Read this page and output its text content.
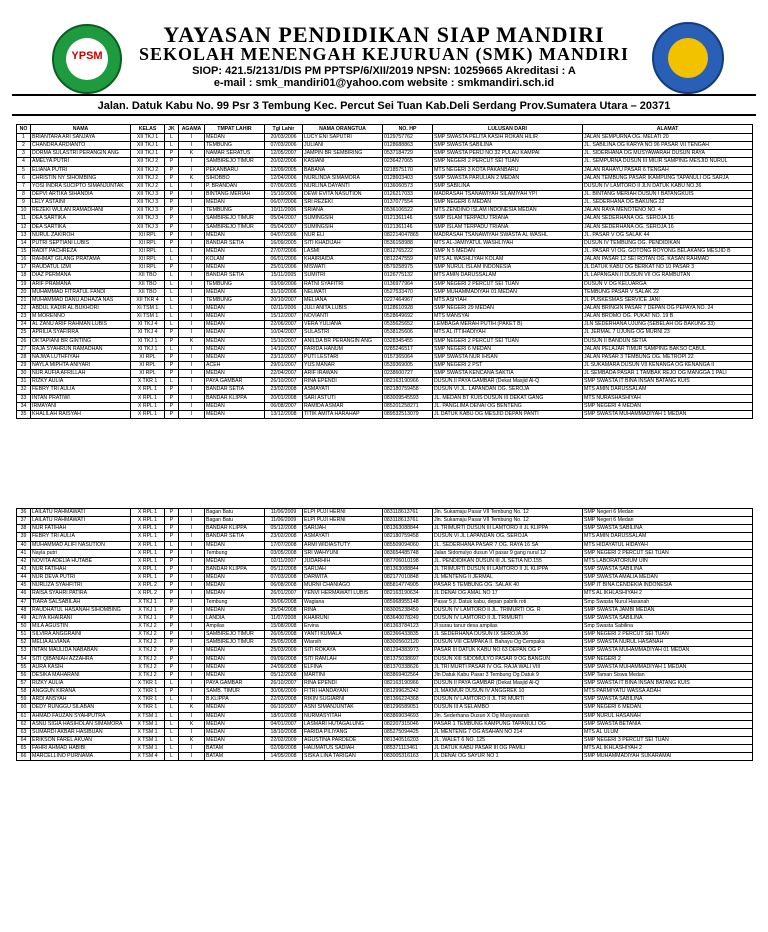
YPSM
YAYASAN PENDIDIKAN SIAP MANDIRI
SEKOLAH MENENGAH KEJURUAN (SMK) MANDIRI
SIOP: 421.5/2131/DIS PM PPTSP/6/XII/2019 NPSN: 10259665 Akreditasi : A
e-mail : smk_mandiri01@yahoo.com website : smkmandiri.sch.id
Jalan. Datuk Kabu No. 99 Psr 3 Tembung Kec. Percut Sei Tuan Kab.Deli Serdang Prov.Sumatera Utara – 20371
NO	NAMA	KELAS	JK	AGAMA	TMPAT LAHIR	Tgl Lahir	NAMA ORANGTUA	NO. HP	LULUSAN DARI	ALAMAT
1	BRIANTARA ARI SANJAYA	XII TKJ 1	L	I	MEDAN	20/03/2006	LUCY ENI SAPUTRI	0129757762	SMP SWASTA PELITA KASIH ROKAN HILIR	JALAN SEMPURNA OG. MELATI 20
2	CHANDRA ARDIANTO	XII TKJ 1	L	I	TEMBUNG	07/03/2006	JULIANI	0128688863	SMP SWASTA SABILINA	JL. SABILINA OG KARYA NO 96 PASAR VII TENGAH
3	DORMA SULASTRI PERANGIN ANG	XII TKJ 1	P	K	NAMAR SERATUS	12/05/2007	JAMPIN BR SEMBIRING	0537184729	SMP SWASTA PERIJ NO 32 PULAU KAMPAI	JL. SIDERHANA OG MUSYAWARAH DUSUN RAYA
4	AMELYA PUTRI	XII TKJ 2	P	I	SAMBIREJO TIMUR	20/02/2006	KASIANI	0236427065	SMP NEGERI 2 PERCUT SEI TUAN	JL. SEMPURNA DUSUN III MILIR SAMPING MESJID NURUL
5	ELIANA PUTRI	XII TKJ 2	P	I	PEKANBARU	12/09/2005	BABANA	0218575170	MTS NEGERI 3 KOTA PAKANBARU	JALAN RAHAYU PASAR 6 TENGAH
6	CHRISTIN NY SIHOMBING	XII TKJ 2	P	K	SIHOBBO	12/04/2006	NURLINDA SIMAMORA	0128603403	SMP SWASTA PARULIAN 2 MEDAN	JALAN TEMBUNG PASAR IKAMPUNG TAPANULI OG SARJA
7	YOSI INDRA SUCIPTO SIMANJUNTAK	XII TKJ 2	L	I	P. BRANDAN	07/06/2005	NURLINA DAYANTI	0136060573	SMP SABILINA	DUSUN IV LAMTORO II JLN DATUK KABU NO.36
8	DEPVI ARTIKA SIHANDIA	XII TKJ 3	P	I	BINTANG MERIAH	15/10/2006	DEWI EVITA NASUTION	0126217033	MADRASAH TSANAWIYAH SILAMIYAH YPI	JL. BINTANG MERIAH DUSUN I BATANGKUIS
9	LELY ASTAINI	XII TKJ 3	P	I	MEDAN	06/07/2006	SRI REZEKI	0137077554	SMP NEGERI 6 MEDAN	JL. SEDERHANA OG BAKUNG 22
10	REZEKI WULAN RAMADHANI	XII TKJ 3	P	I	TEMBUNG	10/11/2006	SRIANA	0536106522	MTS ZENDINO ISLAM INDONESIA MEDAN	JALAN RAYA MENOTENO NO. 4
11	DEA SARTIKA	XII TKJ 3	P	I	SAMBIREJO TIMUR	05/04/2007	SUMINGSIH	0121361146	SMP ISLAM TERPADU TRIANA	JALAN SEDERHANA OG. SEROJA 16
12	DEA SARTIKA	XII TKJ 3	P	I	SAMBIREJO TIMUR	05/04/2007	SUMINGSIH	0121361146	SMP ISLAM TERPADU TRIANA	JALAN SEDERHANA OG. SEROJA 16
13	NURUL ZAKIROH	XII RPL	P	I	MEDAN	04/07/2006	NUR ELI	082214047865	MADRASAH TSANAWIYAH SWASTA AL WASHL	JL. PASAR V OG SALAK 44
14	PUTRI SEPTIANI LUBIS	XII RPL	P	I	BANDAR SETIA	16/09/2005	SITI KHADIJAH	0536158988	MTS AL-JAMIYATUL WASHLIYAH	DUSUN IV TEMBUNG OG. PENDIDIKAN
15	RADIT PACHREZA	XII RPL	L	I	MEDAN	27/07/2006	LASMI	0812765222	SMP N 5 MEDAN	JL. PASAR VI OG. GOTONG ROYONG BELAKANG MESJID B
16	RAHMAT GILANG PRATAMA	XII RPL	L	I	KOLAM	06/01/2006	KHAIRIAIDA	0812247559	MTS AL WASHLIYAH KOLAM	JALAN PASAR 12 SEI ROTAN OG. KASAN RAHMAD
17	RAUDATUL IZMI	XII RPL	P	I	MEDAN	25/01/2006	MISWATI	0579258975	SMP NURUL ISLAM INDONESIA	JL DATUK KABU OG BERKAT NO 10 PASAR 3
18	DIAZ PERMANA	XII TBO	L	I	BANDAR SETIA	15/11/2005	SUMITRI	0126775132	MTS AMIN DARUSSALAM	JL LAPANGAN II DUSUN VII OG RAMBUTAN
19	ARIF PRAMANA	XII TBO	L	I	TEMBUNG	03/09/2006	RATNI SYAFITRI	0136977964	SMP NEGERI 2 PERCUT SEI TUAN	DUSUN V OG KELUARGA
20	MUHAMMAD FITRATUL FANDI	XII TBO	L	I	MEDAN	31/10/2006	NELWATI	0527533470	SMP MUHAMMADIYAH 01 MEDAN	TEMBUNG PASAR V SALAK 22
21	MUHAMMAD DANU ADHAZA NAS	XII TKR 4	L	I	TEMBUNG	20/10/2007	MELIANA	0227464967	MTS ASIYIAH	JL PUSKESMAS SERVICE JANI
22	ABDUL KADIR AL BUKHORI	XI TSM 1	L	I	MEDAN	02/11/2006	JULI ANITA LUBIS	0128610928	SMP NEGERI 29 MEDAN	JALAN BRINGIN PASAR 7 DEPAN OG PEPAYA NO. 24
23	M MORENNO	XI TSM 1	L	I	MEDAN	15/12/2007	NOVIANTI	0528649692	MTS MANSYAI	JALAN BROMO OG. PUKAT NO. 19 B
24	AL ZANU ARIF RAHMAN LUBIS	XI TKJ 4	L	I	MEDAN	22/06/2007	VERA YULIANA	0535625652	LEMBAGA MERAH PUTIH (PAKET B)	JLN SEDERHANA UJUNG (SEBELAH OG BAKUNG 33)
25	APRILIA SYAFIRRA	XI TKJ 4	P	I	MEDAN	10/04/2007	SULASTRI	0538125606	MTS AL ITTIHADIYAH	JL JERMAL 7 UJUNG OG MURNI 23
26	OKTAPIANI BR GINTING	XI TKJ 1	P	K	MEDAN	15/10/2007	ANILDA BR PERANGIN ANG	0328345455	SMP NEGERI 2 PERCUT SEI TUAN	DUSUN II BANDUN SETIA
27	RAJA SYAHRUN RAMADHAN	XI TKJ 1	L	I	MEDAN	14/10/2007	FARIDA HANUM	0285246517	SMP NEGERI 6 MEDAN	JALAN PELAJAR TIMUR SAMPING BAKSO CABUL
28	NAJWA LUTHFIYAH	XI RPL	P	I	MEDAN	23/12/2007	PUTI LESTARI	0157365064	SMP SWASTA NUR IHSAN	JALAN PASAR 3 TEMBUNG OG. METROPI 22
29	NAYLA MIPHTA ANIYARI	XI RPL	P	I	ACEH	29/01/2007	YUS MANAR	0539369005	SMP NEGERI 2 PST	JL SUKAMARA DUSUN VII KENANGA OG KENANGA II
30	NUR AUFIA AFRILLAH	XI RPL	P	I	MEDAN	22/04/2007	ARIF IRAWAN	0238600727	SMP SWASTA KENCANA SAKTIA	JL SEMBADA PASAR 1 TAMBAK REJO OG MANGGA 1 PALI
31	RIZKY AULIA	X TKR 1	L	I	PAYA GAMBAR	26/10/2007	RINA EPENDI	082163190966	DUSUN II PAYA GAMBAR (Dekat Masjid Al-Q	SMP SWASTA IT BINA INSAN BATANG KUIS
32	FEBRY TRI AULIA	X RPL 1	P	I	BANDAR SETIA	23/02/2008	ASMAYATI	082180759458	DUSUN VI JL. LAPANDAN OG. SEROJA	MTS AMIN DARUSSALAM
33	INTAN PRATIWI	X RPL 1	P	I	BANDAR KLIPPA	20/01/2008	SARI ASTUTI	083009545593	JL. MEDAN BT KUIS DUSUN III DEKAT GANG	MTS NURASHASHIYAH
34	IRMAYANI	X RPL 1	P	I	MEDAN	06/08/2007	RAMIDA ASMAR	085201258271	JL. PANGLIMA DENAI OG BENTENG	SMP NEGERI 4 MEDAN
35	KHALILAH RAISYAH	X RPL 1	P	I	MEDAN	13/12/2008	TITIK AMITA HARAHAP	089532513079	JL DATUK KABU OG MESJID DEPAN PANTI	SMP SWASTA MUHAMMADIYAH 1 MEDAN
36	LAILATU RAHMAWATI	X RPL 1	P	I	Bagan Batu	11/06/2009	ELPI PUJI HERNI	083118613761	Jln. Sukamaju Pasar VII Tembung No. 12	SMP Negeri 6 Medan
37	LAILATU RAHMAWATI	X RPL 1	P	I	Bagan Batu	11/06/2009	ELPI PUJI HERNI	083118613761	Jln. Sukamaju Pasar VII Tembung No. 12	SMP Negeri 6 Medan
38	NUR FATIHAH	X RPL 1	P	I	BANDAR KLIPPA	05/12/2008	SARIJAH	081363088844	JL TRIMURTI DUSUN III LAMTORO II JL KLIPPA	SMP SWASTA SABILINA
39	FEBRY TRI AULIA	X RPL 1	P	I	BANDAR SETIA	23/02/2008	ASMAYATI	082180759458	DUSUN VI JL LAPANDAN OG. SEROJA	MTS AMIN DARUSSALAM
40	MUHAMMAD ALIFI NASUTION	X RPL 1	L	I	MEDAN	17/07/2008	ARMI WIDIASTUTY	085509094060	JL. SEDERHANA PASAR 7 OG. RAYA 16 SA	MTS HIDAYATUL HIDAYAH
41	Nayla putri	X RPL 1	P	I	Tembung	03/05/2008	SRI WAHYUNI	083654485748	Jalan Sidomulyo dusun VI pasar 9 gang nurul 12	SMP NEGERI 2 PERCUT SEI TUAN
42	NOVITA ADELIA HUTABE	X RPL 1	P	I	MEDAN	02/11/2007	JUDARHIH	087706010198	JL. PENDIDIKAN DUSUN III JL SETIA NO.155	MTS LABORATORIUM UIN
43	NUR FATIHAH	X RPL 1	P	I	BANDAR KLIPPA	05/12/2008	SARIJAH	081363088844	JL TRIMURTI DUSUN III LAMTORO II JL KLIPPA	SMP SWASTA SABILINA
44	NUR DEVA PUTRI	X RPL 1	P	I	MEDAN	07/03/2008	DARWITA	082177010848	JL MENTENG II JERMAL	SMP SWASTA AMALIA MEDAN
45	NURLIZA SYAHFITRI	X RPL 2	P	I	MEDAN	06/08/2008	MURNI CHANIAGO	085814774905	PASAR 5 TEMBUNG OG. SALAK 40	SMP IT BINA CENDEKIA INDONESIA
46	RAISA SYAHRI PATIRA	X RPL 2	P	I	MEDAN	26/01/2007	YENVI HERMAWATI LUBIS	082163190634	JL DENAI OG AMAL NO 17	MTS AL IKHLASHIYAH 2
47	TIARA SALSABILAH	X TKJ 1	P	I	Tembung	30/06/2008	Wagiana	085968955148	Pasar 5 jl. Datuk kabu, depan pabrik roti	Smp Swasta Nurul Hasanah
48	RAUDHATUL HASANAH SIHOMBING	X TKJ 1	P	I	MEDAN	25/04/2008	RINA	083005238459	DUSUN IV LAMTORO II JL. TRIMURTI OG. R	SMP SWASTA JAMBI MEDAN
49	ALIYA KHAIRANI	X TKJ 1	P	I	LANDIA	11/07/2008	KHAIRUNI	083640078249	DUSUN IV LAMTORO II JL TRIMURTI	SMP SWASTA SABILINA
50	MILA AGUSTIN	X TKJ 2	P	I	Ampilas	15/08/2008	Ervina	081363784123	Jl surau tanur desa ampilas	Smp Swasta Sabilina
51	SILVIRA ANGGRAINI	X TKJ 2	P	I	SAMBIREJO TIMUR	26/05/2008	YANTI KUMALA	082366433835	JL SEDERHANA DUSUN IX SEROJA 36	SMP NEGERI 2 PERCUT SEI TUAN
52	MELIA ALVIANA	X TKJ 2	P	I	SAMBIREJO TIMUR	25/05/2008	Wiarsih	083005602120	DUSUN VIII CEMPAKA II. Bahayu Og Cempaka	SMP SWASTA NURUL HASANAH
53	INTAN MAULIDA NABABAN	X TKJ 2	P	I	MEDAN	25/03/2009	SITI ROKAYA	081294383973	PASAR III DATUK KABU NO 63 DEPAN OG P	SMP SWASTA MUHAMMADIYAH 01 MEDAN
54	SITI QIBANIAH AZZAHRA	X TKJ 2	P	I	MEDAN	09/09/2008	SITI RAMLAH	081375038697	DUSUN XIII SIDOMULYO PASAR 9 OG BANGUN	SMP NEGERI 2
55	AURA KASIH	X TKJ 2	P	I	MEDAN	24/09/2008	ELFINA	081370338626	JL TRI MURTI PASAR IV OG. RAJA WALI VIII	SMP SWASTA MUHAMMADIYAH 1 MEDAN
56	DESIKA MAHARANI	X TKJ 2	P	I	MEDAN	05/12/2008	MARTINI	083869402564	Jln Datuk Kabu Pasar 3 Tembung Og Datuk 9	SMP Taman Siswa Medan
57	RIZKY AULIA	X TKR 1	L	I	PAYA GAMBAR	26/10/2007	RINA EPENDI	082163190966	DUSUN II PAYA GAMBAR (Dekat Masjid Al-Q	SMP SWASTA IT BINA INSAN BATANG KUIS
58	ANGGUN KIRANA	X TKR 1	P	I	SAMB. TIMUR	30/06/2009	FITRI HANDAYANI	081299625242	JL MAKMUR DUSUN IV ANGGREK 10	MTS PARMIYATU WASSA ADAH
59	ARDI ANSYAH	X TKR 1	L	I	B.KLIPPA	22/03/2008	RIKIN SUGIARNI	081366224368	DUSUN IV LAMTORO II JL TRI MURTI	SMP SWASTA SABILINA
60	DEDY RUNGGU SILABAN	X TKR 1	L	K	MEDAN	06/10/2007	ASNI SIMANJUNTAK	081296589051	DUSUN III A SELAMBO	SMP NEGERI 6 MEDAN
61	AHMAD FAUZAN SYAHPUTRA	X TSM 1	L	I	MEDAN	18/01/2008	NURMASYITAH	083869034693	Jln. Sederhana Dusun X Og Musyawarah	SMP NURUL HASANAH
62	ASNU SIGIA HASIHOLAN SIMAMORA	X TSM 1	L	K	MEDAN	04/01/2007	LASMARI HUTAGALUNG	082207315046	PASAR 1 TEMBUNG KAMPUNG TAPANULI OG	SMP SWASTA BETANIA
63	SUMARDI AKBAR HASIBUAN	X TSM 1	L	I	MEDAN	18/10/2008	FARIDA PILIYANG	085275094425	JL MENTENG 7 OG ASAHAN NO 214	MTS AL ULUM
64	ERIKSON FAREL AKUAN	X TSM 1	L	K	MEDAN	22/02/2009	AGUSTINA PARDEDE	081340516203	JL. WALET 6 NO. 125	SMP NEGERI 3 PERCUT SEI TUAN
65	FAHRI AHMAD HABIBI	X TSM 1	L	I	BATAM	02/09/2008	HALIMATUS SADIAH	085371113461	JL DATUK KABU PASAR III OG PAMILI	MTS AL IKHLASHIYAH 2
66	MARCELLINO PURNAMA	X TSM 4	L	I	BATAM	14/05/2008	SISKA LINA TARIGAN	083005316163	JL DENAI OG SAYUR NO 1	SMP MUHAMMADIYAH SUKARAMAI
